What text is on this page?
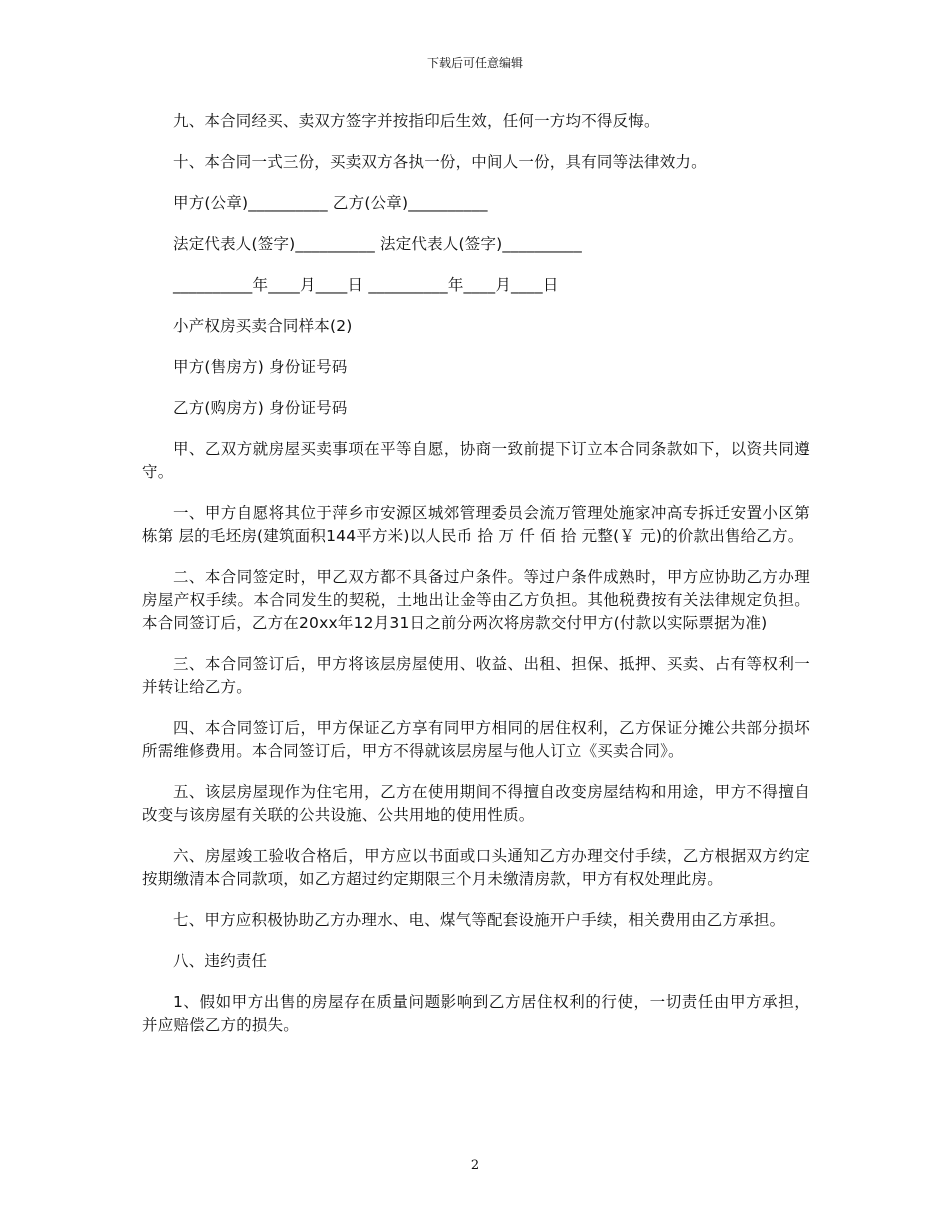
下载后可任意编辑

九、本合同经买、卖双方签字并按指印后生效，任何一方均不得反悔。

十、本合同一式三份，买卖双方各执一份，中间人一份，具有同等法律效力。

甲方(公章)__________ 乙方(公章)__________

法定代表人(签字)__________ 法定代表人(签字)__________

__________年____月____日 __________年____月____日

小产权房买卖合同样本(2)

甲方(售房方) 身份证号码

乙方(购房方) 身份证号码

甲、乙双方就房屋买卖事项在平等自愿，协商一致前提下订立本合同条款如下，以资共同遵守。

一、甲方自愿将其位于萍乡市安源区城郊管理委员会流万管理处施家冲高专拆迁安置小区第 栋第 层的毛坯房(建筑面积144平方米)以人民币 拾 万 仟 佰 拾 元整(￥ 元)的价款出售给乙方。

二、本合同签定时，甲乙双方都不具备过户条件。等过户条件成熟时，甲方应协助乙方办理房屋产权手续。本合同发生的契税，土地出让金等由乙方负担。其他税费按有关法律规定负担。本合同签订后，乙方在20xx年12月31日之前分两次将房款交付甲方(付款以实际票据为准)

三、本合同签订后，甲方将该层房屋使用、收益、出租、担保、抵押、买卖、占有等权利一并转让给乙方。

四、本合同签订后，甲方保证乙方享有同甲方相同的居住权利，乙方保证分摊公共部分损坏所需维修费用。本合同签订后，甲方不得就该层房屋与他人订立《买卖合同》。

五、该层房屋现作为住宅用，乙方在使用期间不得擅自改变房屋结构和用途，甲方不得擅自改变与该房屋有关联的公共设施、公共用地的使用性质。

六、房屋竣工验收合格后，甲方应以书面或口头通知乙方办理交付手续，乙方根据双方约定按期缴清本合同款项，如乙方超过约定期限三个月未缴清房款，甲方有权处理此房。

七、甲方应积极协助乙方办理水、电、煤气等配套设施开户手续，相关费用由乙方承担。

八、违约责任

1、假如甲方出售的房屋存在质量问题影响到乙方居住权利的行使，一切责任由甲方承担，并应赔偿乙方的损失。

2
